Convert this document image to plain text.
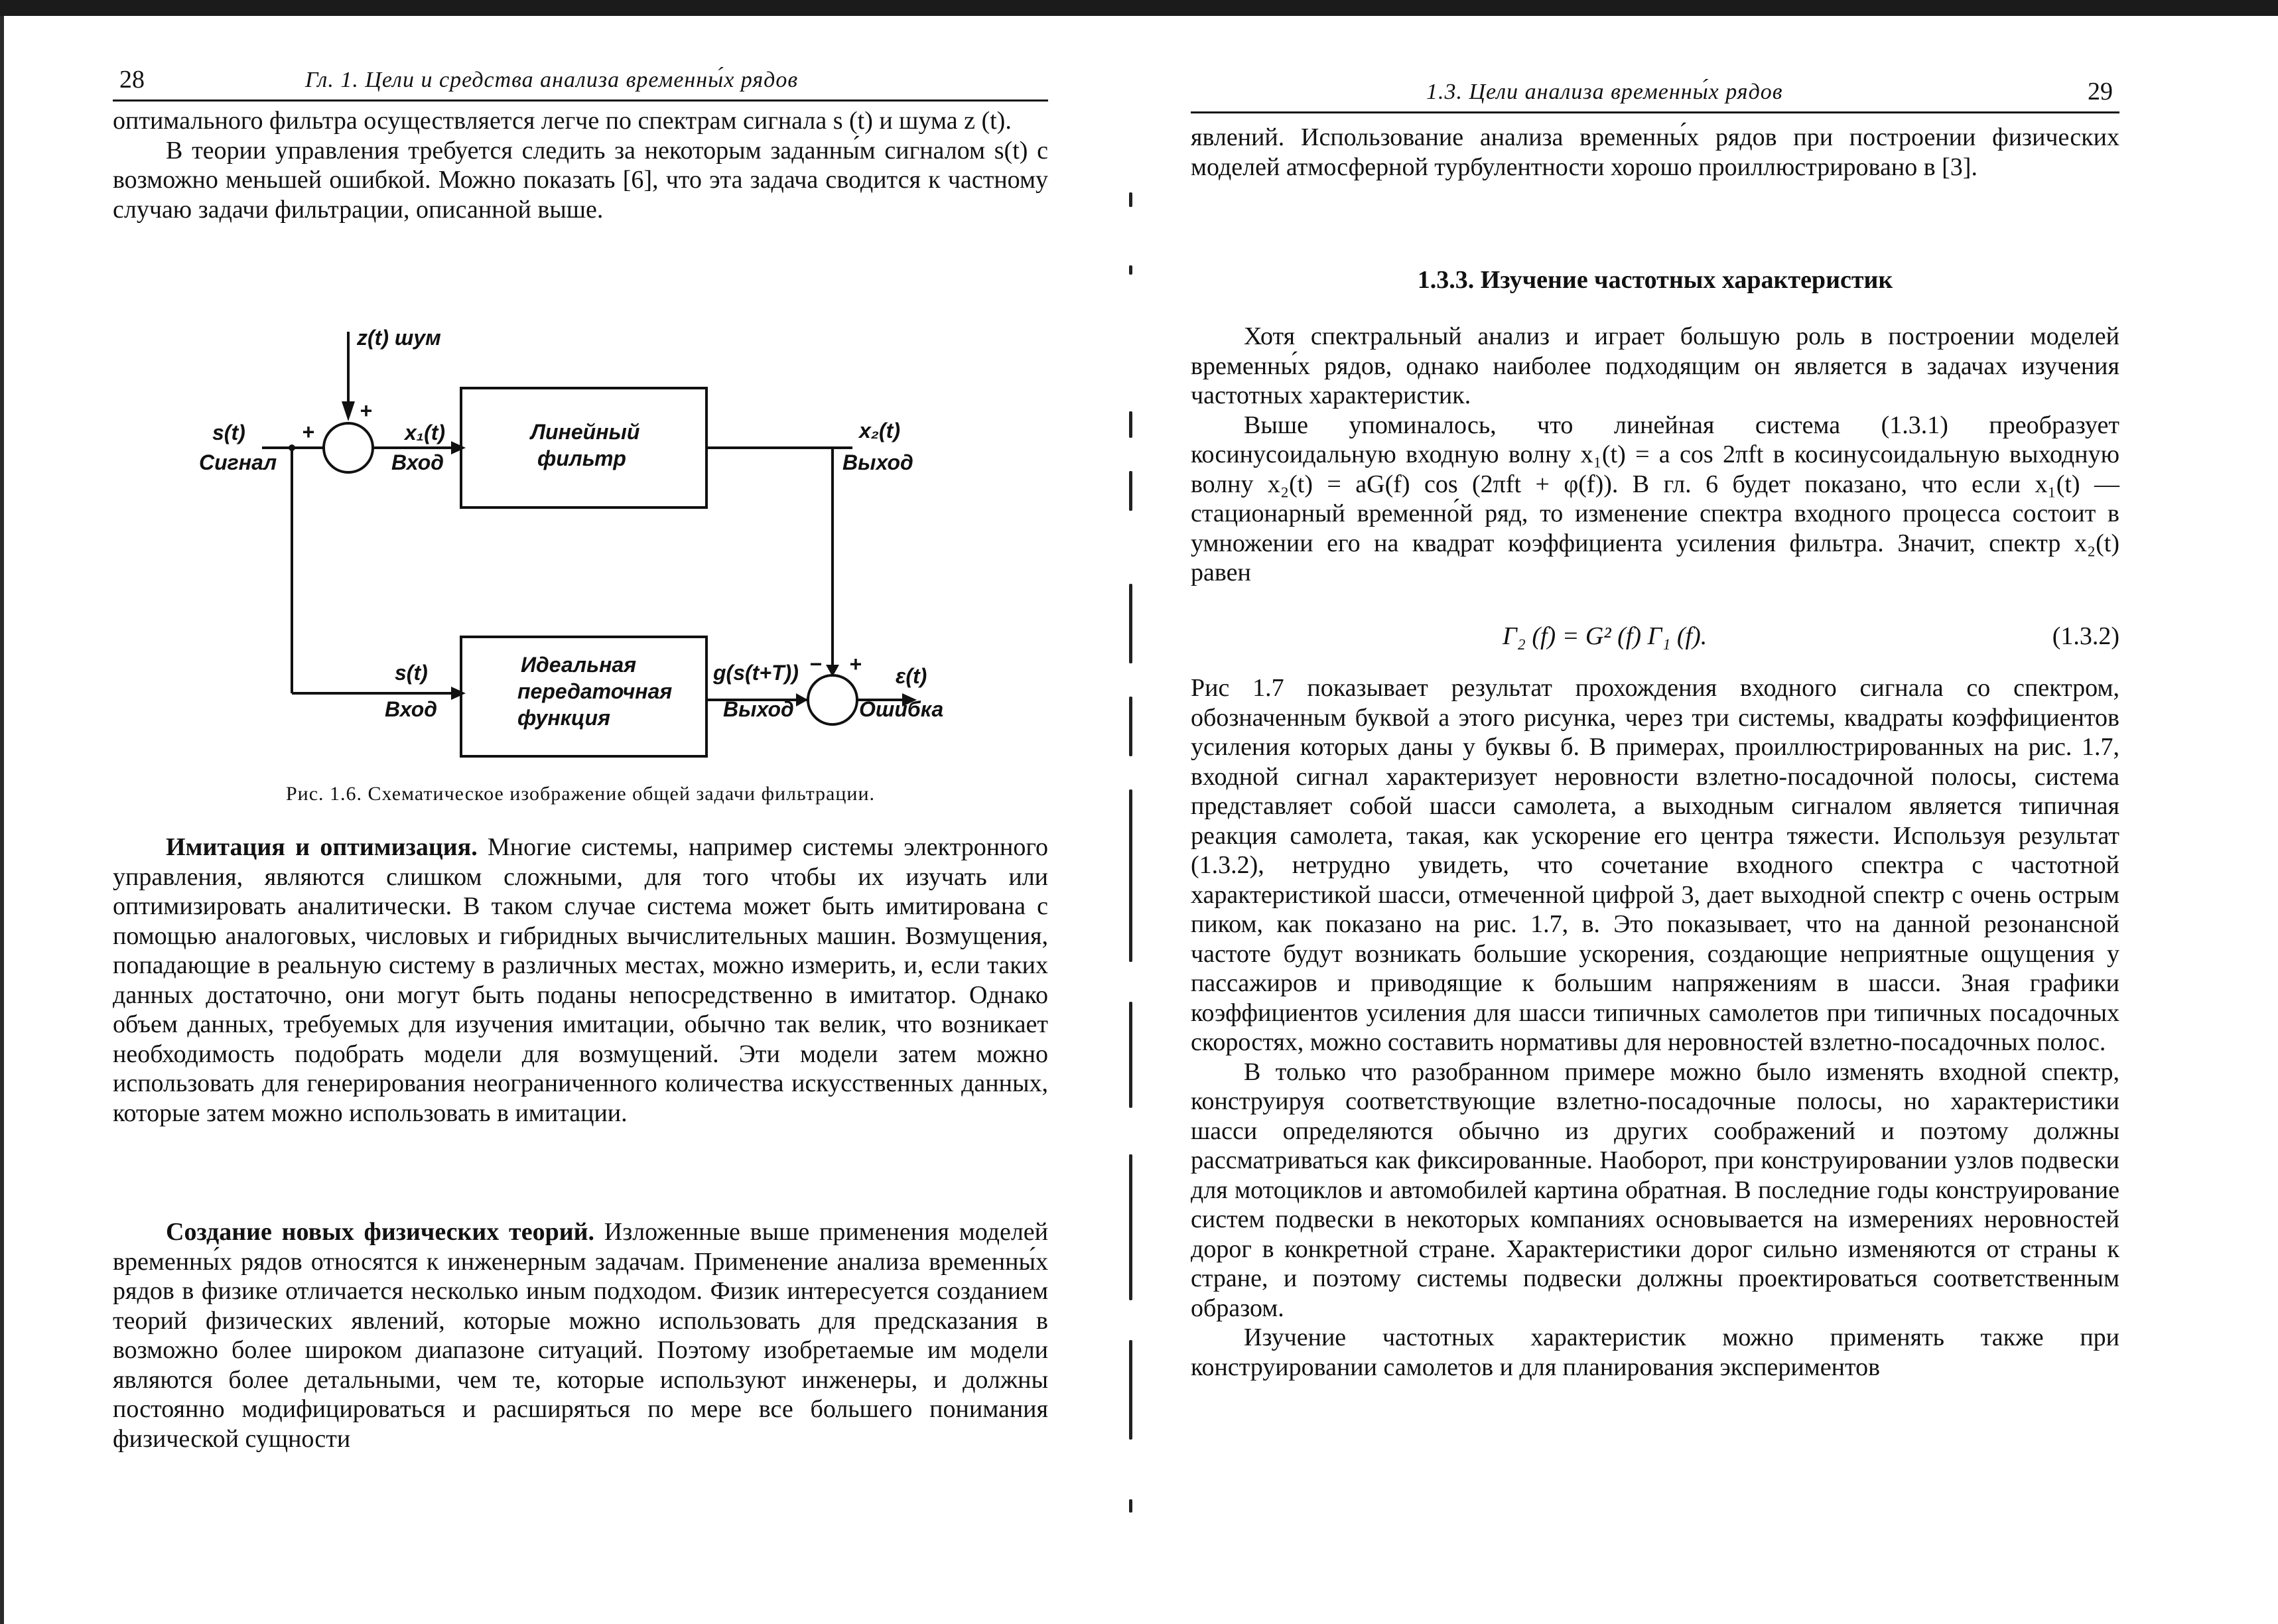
28	Гл. 1. Цели и средства анализа временны́х рядов

оптимального фильтра осуществляется легче по спектрам сигнала s (t) и шума z (t).

В теории управления требуется следить за некоторым заданны́м сигналом s(t) с возможно меньшей ошибкой. Можно показать [6], что эта задача сводится к частному случаю задачи фильтрации, описанной выше.

z(t) шум
s(t)
Сигнал
+
+
x₁(t)
Вход
Линейный
фильтр
x₂(t)
Выход
s(t)
Вход
Идеальная
передаточная
функция
g(s(t+T))
Выход
− + ε(t)
Ошибка
Рис. 1.6. Схематическое изображение общей задачи фильтрации.

Имитация и оптимизация. Многие системы, например системы электронного управления, являются слишком сложными, для того чтобы их изучать или оптимизировать аналитически. В таком случае система может быть имитирована с помощью аналоговых, числовых и гибридных вычислительных машин. Возмущения, попадающие в реальную систему в различных местах, можно измерить, и, если таких данных достаточно, они могут быть поданы непосредственно в имитатор. Однако объем данных, требуемых для изучения имитации, обычно так велик, что возникает необходимость подобрать модели для возмущений. Эти модели затем можно использовать для генерирования неограниченного количества искусственных данных, которые затем можно использовать в имитации.

Создание новых физических теорий. Изложенные выше применения моделей временны́х рядов относятся к инженерным задачам. Применение анализа временны́х рядов в физике отличается несколько иным подходом. Физик интересуется созданием теорий физических явлений, которые можно использовать для предсказания в возможно более широком диапазоне ситуаций. Поэтому изобретаемые им модели являются более детальными, чем те, которые используют инженеры, и должны постоянно модифицироваться и расширяться по мере все большего понимания физической сущности

1.3. Цели анализа временны́х рядов	29

явлений. Использование анализа временны́х рядов при построении физических моделей атмосферной турбулентности хорошо проиллюстрировано в [3].

1.3.3. Изучение частотных характеристик

Хотя спектральный анализ и играет большую роль в построении моделей временны́х рядов, однако наиболее подходящим он является в задачах изучения частотных характеристик.

Выше упоминалось, что линейная система (1.3.1) преобразует косинусоидальную входную волну x₁(t) = a cos 2πft в косинусоидальную выходную волну x₂(t) = aG(f) cos (2πft + φ(f)). В гл. 6 будет показано, что если x₁(t) — стационарный временно́й ряд, то изменение спектра входного процесса состоит в умножении его на квадрат коэффициента усиления фильтра. Значит, спектр x₂(t) равен

Γ₂ (f) = G² (f) Γ₁ (f).	(1.3.2)

Рис 1.7 показывает результат прохождения входного сигнала со спектром, обозначенным буквой а этого рисунка, через три системы, квадраты коэффициентов усиления которых даны у буквы б. В примерах, проиллюстрированных на рис. 1.7, входной сигнал характеризует неровности взлетно-посадочной полосы, система представляет собой шасси самолета, а выходным сигналом является типичная реакция самолета, такая, как ускорение его центра тяжести. Используя результат (1.3.2), нетрудно увидеть, что сочетание входного спектра с частотной характеристикой шасси, отмеченной цифрой 3, дает выходной спектр с очень острым пиком, как показано на рис. 1.7, в. Это показывает, что на данной резонансной частоте будут возникать большие ускорения, создающие неприятные ощущения у пассажиров и приводящие к большим напряжениям в шасси. Зная графики коэффициентов усиления для шасси типичных самолетов при типичных посадочных скоростях, можно составить нормативы для неровностей взлетно-посадочных полос.

В только что разобранном примере можно было изменять входной спектр, конструируя соответствующие взлетно-посадочные полосы, но характеристики шасси определяются обычно из других соображений и поэтому должны рассматриваться как фиксированные. Наоборот, при конструировании узлов подвески для мотоциклов и автомобилей картина обратная. В последние годы конструирование систем подвески в некоторых компаниях основывается на измерениях неровностей дорог в конкретной стране. Характеристики дорог сильно изменяются от страны к стране, и поэтому системы подвески должны проектироваться соответственным образом.

Изучение частотных характеристик можно применять также при конструировании самолетов и для планирования экспериментов
